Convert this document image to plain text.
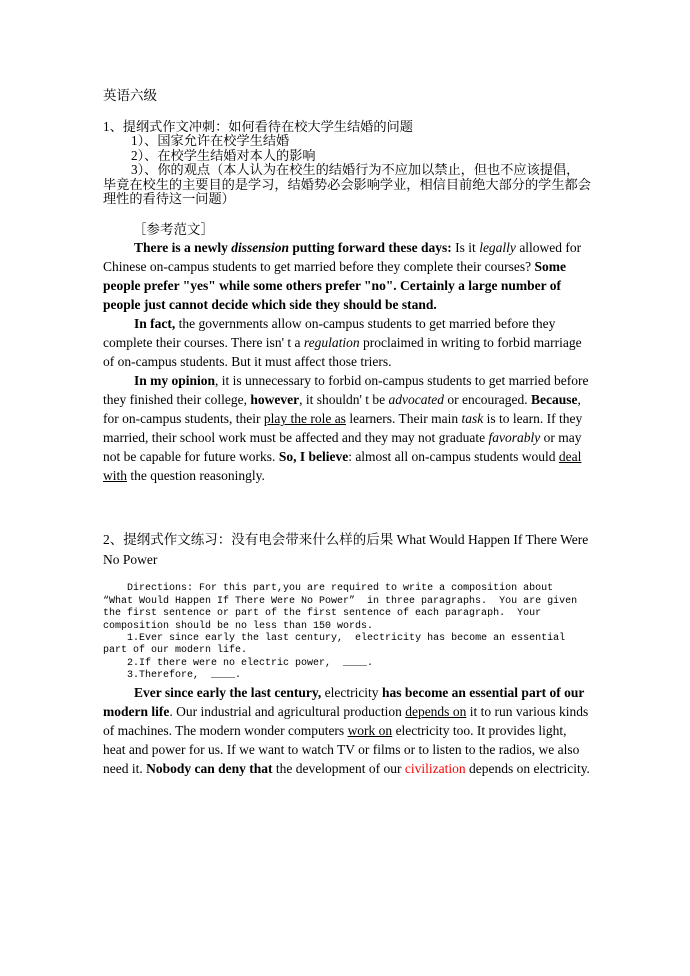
英语六级
1、提纲式作文冲刺：如何看待在校大学生结婚的问题
1）、国家允许在校学生结婚
2）、在校学生结婚对本人的影响
3）、你的观点（本人认为在校生的结婚行为不应加以禁止，但也不应该提倡，毕竟在校生的主要目的是学习，结婚势必会影响学业，相信目前绝大部分的学生都会理性的看待这一问题）
［参考范文］

There is a newly dissension putting forward these days: Is it legally allowed for Chinese on-campus students to get married before they complete their courses? Some people prefer "yes" while some others prefer "no". Certainly a large number of people just cannot decide which side they should be stand.

In fact, the governments allow on-campus students to get married before they complete their courses. There isn' t a regulation proclaimed in writing to forbid marriage of on-campus students. But it must affect those triers.

In my opinion, it is unnecessary to forbid on-campus students to get married before they finished their college, however, it shouldn' t be advocated or encouraged. Because, for on-campus students, their play the role as learners. Their main task is to learn. If they married, their school work must be affected and they may not graduate favorably or may not be capable for future works. So, I believe: almost all on-campus students would deal with the question reasoningly.

2、提纲式作文练习：没有电会带来什么样的后果 What Would Happen If There Were No Power
Directions: For this part,you are required to write a composition about
“What Would Happen If There Were No Power”  in three paragraphs.  You are given
the first sentence or part of the first sentence of each paragraph.  Your
composition should be no less than 150 words.
1.Ever since early the last century,  electricity has become an essential
part of our modern life.
2.If there were no electric power,  ____.
3.Therefore,  ____.

Ever since early the last century, electricity has become an essential part of our modern life. Our industrial and agricultural production depends on it to run various kinds of machines. The modern wonder computers work on electricity too. It provides light, heat and power for us. If we want to watch TV or films or to listen to the radios, we also need it. Nobody can deny that the development of our civilization depends on electricity.
